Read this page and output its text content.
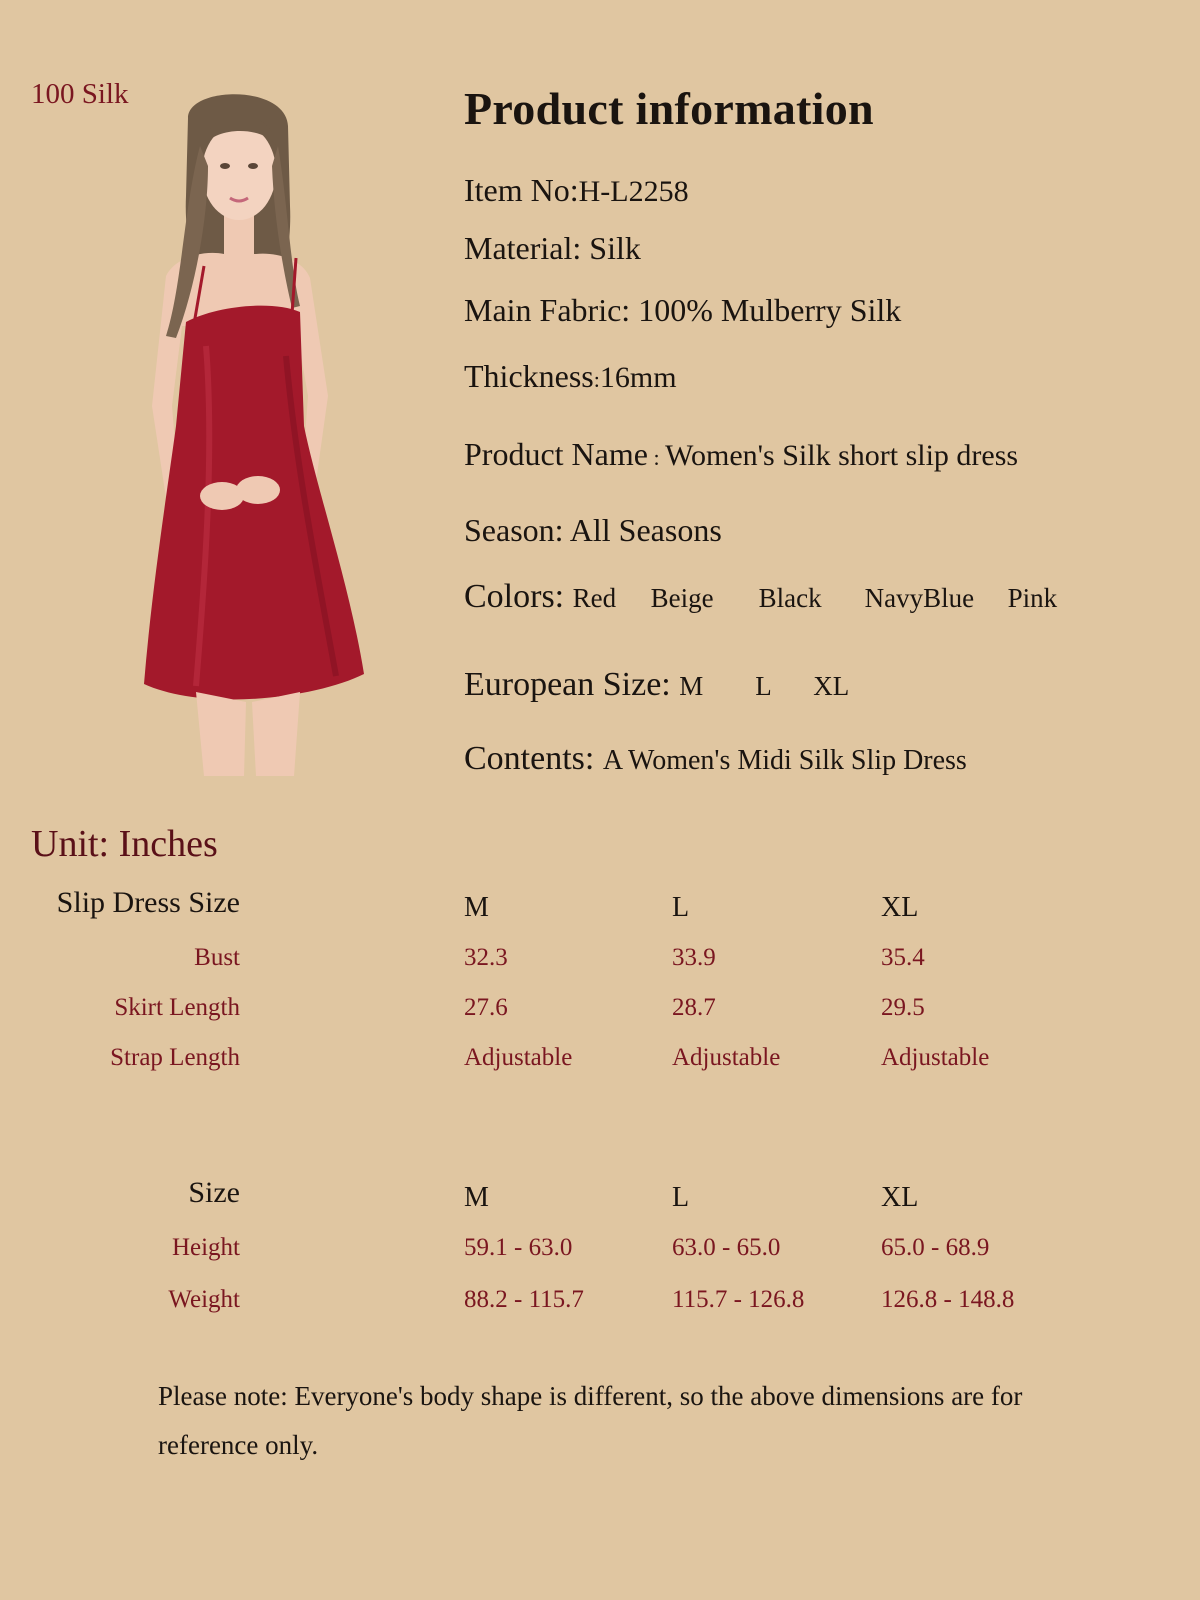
100 Silk	Product information
Item No:H-L2258
Material: Silk
Main Fabric: 100% Mulberry Silk
Thickness:16mm
Product Name : Women's Silk short slip dress
Season: All Seasons
Colors: Red Beige Black NavyBlue Pink
European Size: M L XL
Contents: A Women's Midi Silk Slip Dress
Unit: Inches
Slip Dress Size	M	L	XL
Bust	32.3	33.9	35.4
Skirt Length	27.6	28.7	29.5
Strap Length	Adjustable	Adjustable	Adjustable
Size	M	L	XL
Height	59.1 - 63.0	63.0 - 65.0	65.0 - 68.9
Weight	88.2 - 115.7	115.7 - 126.8	126.8 - 148.8

Please note: Everyone's body shape is different, so the above dimensions are for reference only.
